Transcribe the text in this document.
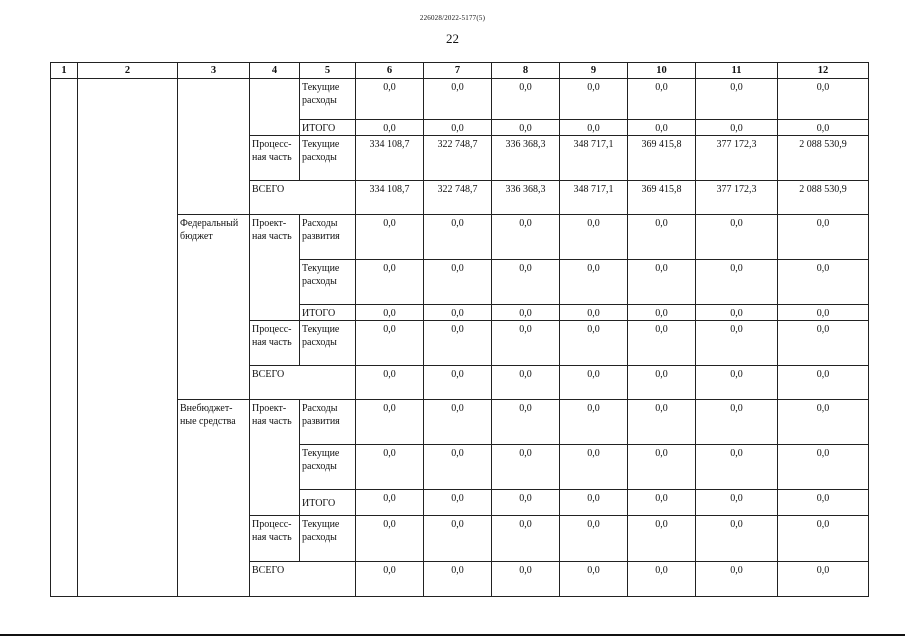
226028/2022-5177(5)
22
1	2	3	4	5	6	7	8	9	10	11	12
				Текущие расходы	0,0	0,0	0,0	0,0	0,0	0,0	0,0
				ИТОГО	0,0	0,0	0,0	0,0	0,0	0,0	0,0
			Процесс-ная часть	Текущие расходы	334 108,7	322 748,7	336 368,3	348 717,1	369 415,8	377 172,3	2 088 530,9
			ВСЕГО		334 108,7	322 748,7	336 368,3	348 717,1	369 415,8	377 172,3	2 088 530,9
		Федеральный бюджет	Проект-ная часть	Расходы развития	0,0	0,0	0,0	0,0	0,0	0,0	0,0
				Текущие расходы	0,0	0,0	0,0	0,0	0,0	0,0	0,0
				ИТОГО	0,0	0,0	0,0	0,0	0,0	0,0	0,0
			Процесс-ная часть	Текущие расходы	0,0	0,0	0,0	0,0	0,0	0,0	0,0
			ВСЕГО		0,0	0,0	0,0	0,0	0,0	0,0	0,0
		Внебюджет-ные средства	Проект-ная часть	Расходы развития	0,0	0,0	0,0	0,0	0,0	0,0	0,0
				Текущие расходы	0,0	0,0	0,0	0,0	0,0	0,0	0,0
				ИТОГО	0,0	0,0	0,0	0,0	0,0	0,0	0,0
			Процесс-ная часть	Текущие расходы	0,0	0,0	0,0	0,0	0,0	0,0	0,0
			ВСЕГО		0,0	0,0	0,0	0,0	0,0	0,0	0,0
